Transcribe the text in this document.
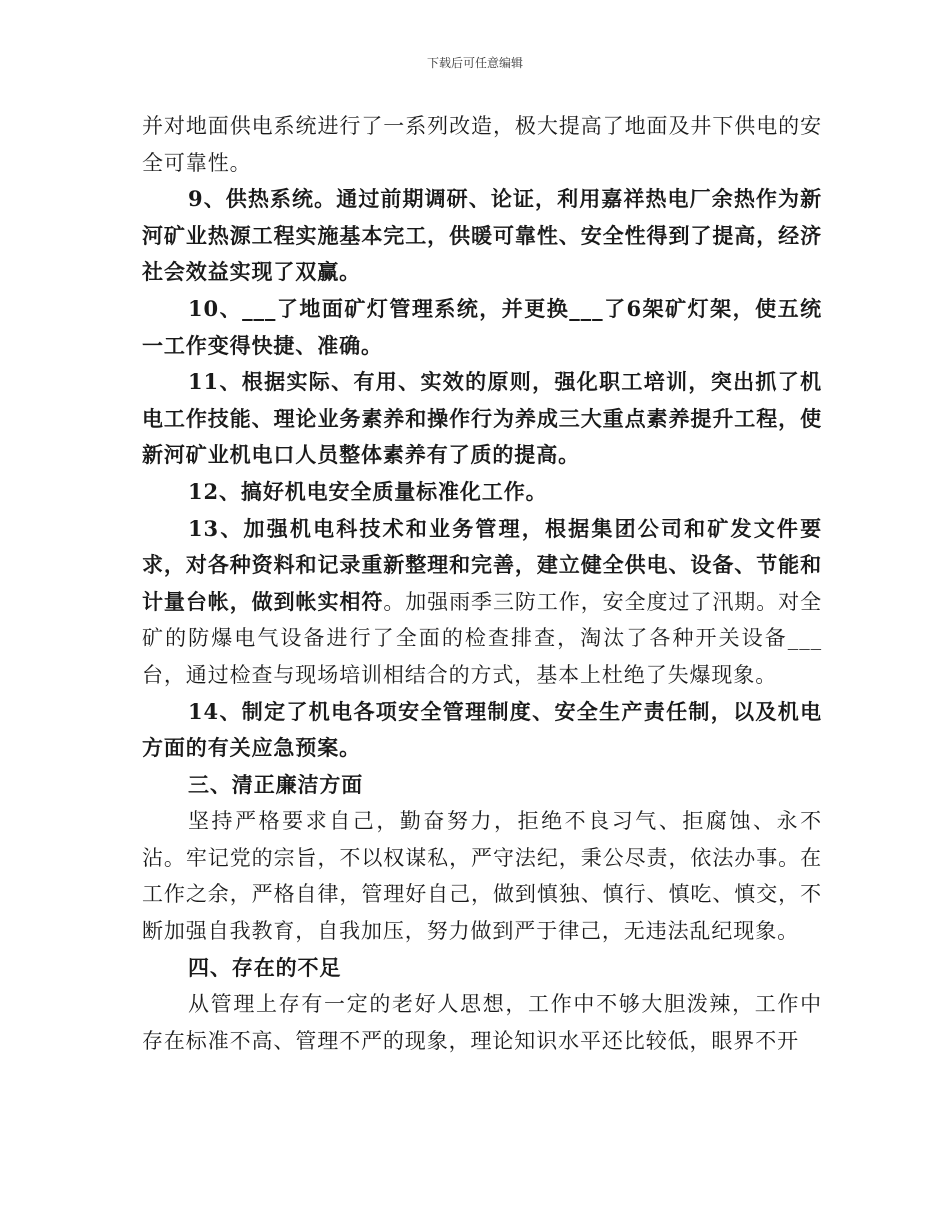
下载后可任意编辑

并对地面供电系统进行了一系列改造，极大提高了地面及井下供电的安全可靠性。

9、供热系统。通过前期调研、论证，利用嘉祥热电厂余热作为新河矿业热源工程实施基本完工，供暖可靠性、安全性得到了提高，经济社会效益实现了双赢。

10、___了地面矿灯管理系统，并更换___了6架矿灯架，使五统一工作变得快捷、准确。

11、根据实际、有用、实效的原则，强化职工培训，突出抓了机电工作技能、理论业务素养和操作行为养成三大重点素养提升工程，使新河矿业机电口人员整体素养有了质的提高。

12、搞好机电安全质量标准化工作。

13、加强机电科技术和业务管理，根据集团公司和矿发文件要求，对各种资料和记录重新整理和完善，建立健全供电、设备、节能和计量台帐，做到帐实相符。加强雨季三防工作，安全度过了汛期。对全矿的防爆电气设备进行了全面的检查排查，淘汰了各种开关设备___台，通过检查与现场培训相结合的方式，基本上杜绝了失爆现象。

14、制定了机电各项安全管理制度、安全生产责任制，以及机电方面的有关应急预案。

三、清正廉洁方面

坚持严格要求自己，勤奋努力，拒绝不良习气、拒腐蚀、永不沾。牢记党的宗旨，不以权谋私，严守法纪，秉公尽责，依法办事。在工作之余，严格自律，管理好自己，做到慎独、慎行、慎吃、慎交，不断加强自我教育，自我加压，努力做到严于律己，无违法乱纪现象。

四、存在的不足

从管理上存有一定的老好人思想，工作中不够大胆泼辣，工作中存在标准不高、管理不严的现象，理论知识水平还比较低，眼界不开
